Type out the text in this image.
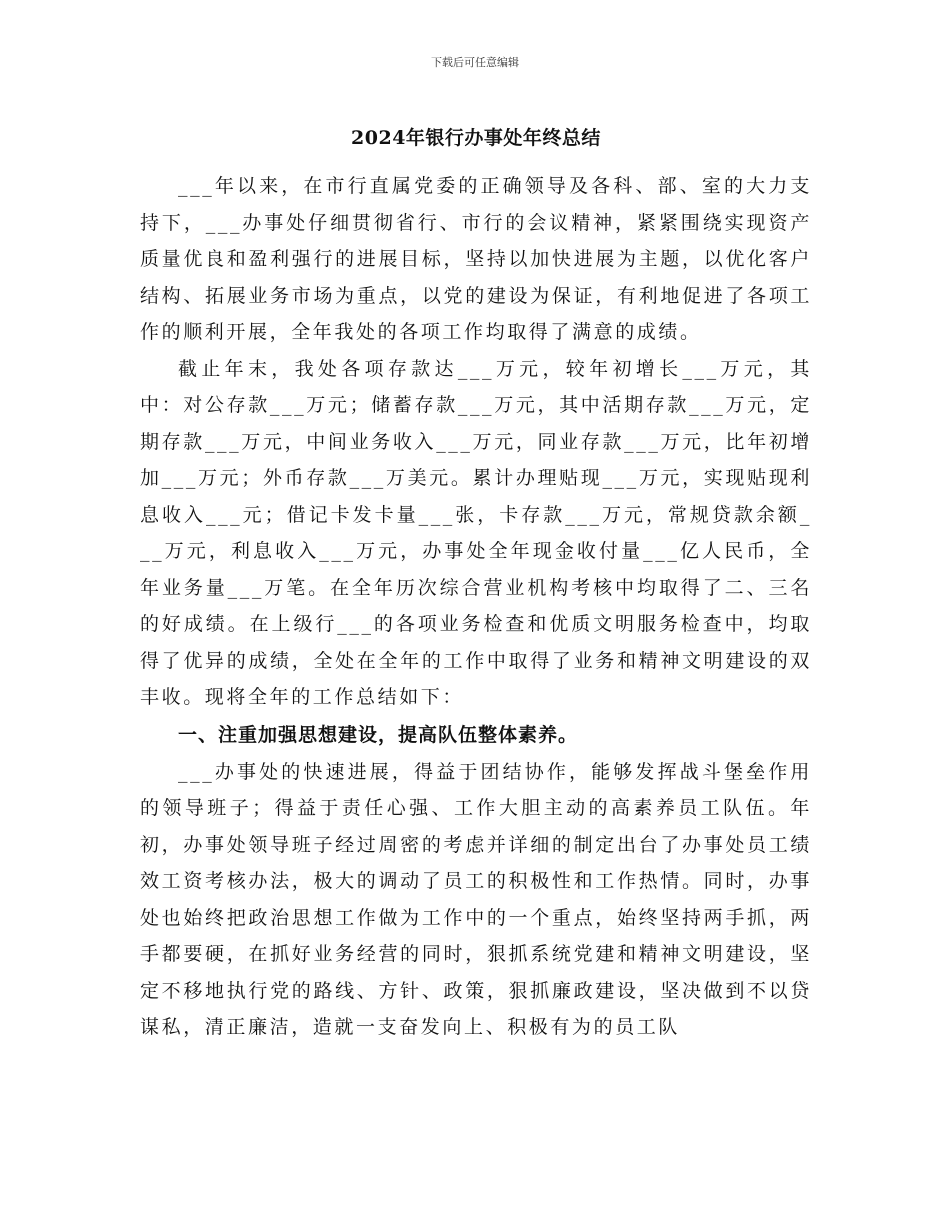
下载后可任意编辑
2024年银行办事处年终总结

___年以来，在市行直属党委的正确领导及各科、部、室的大力支持下，___办事处仔细贯彻省行、市行的会议精神，紧紧围绕实现资产质量优良和盈利强行的进展目标，坚持以加快进展为主题，以优化客户结构、拓展业务市场为重点，以党的建设为保证，有利地促进了各项工作的顺利开展，全年我处的各项工作均取得了满意的成绩。

截止年末，我处各项存款达___万元，较年初增长___万元，其中：对公存款___万元；储蓄存款___万元，其中活期存款___万元，定期存款___万元，中间业务收入___万元，同业存款___万元，比年初增加___万元；外币存款___万美元。累计办理贴现___万元，实现贴现利息收入___元；借记卡发卡量___张，卡存款___万元，常规贷款余额___万元，利息收入___万元，办事处全年现金收付量___亿人民币，全年业务量___万笔。在全年历次综合营业机构考核中均取得了二、三名的好成绩。在上级行___的各项业务检查和优质文明服务检查中，均取得了优异的成绩，全处在全年的工作中取得了业务和精神文明建设的双丰收。现将全年的工作总结如下：

一、注重加强思想建设，提高队伍整体素养。

___办事处的快速进展，得益于团结协作，能够发挥战斗堡垒作用的领导班子；得益于责任心强、工作大胆主动的高素养员工队伍。年初，办事处领导班子经过周密的考虑并详细的制定出台了办事处员工绩效工资考核办法，极大的调动了员工的积极性和工作热情。同时，办事处也始终把政治思想工作做为工作中的一个重点，始终坚持两手抓，两手都要硬，在抓好业务经营的同时，狠抓系统党建和精神文明建设，坚定不移地执行党的路线、方针、政策，狠抓廉政建设，坚决做到不以贷谋私，清正廉洁，造就一支奋发向上、积极有为的员工队
